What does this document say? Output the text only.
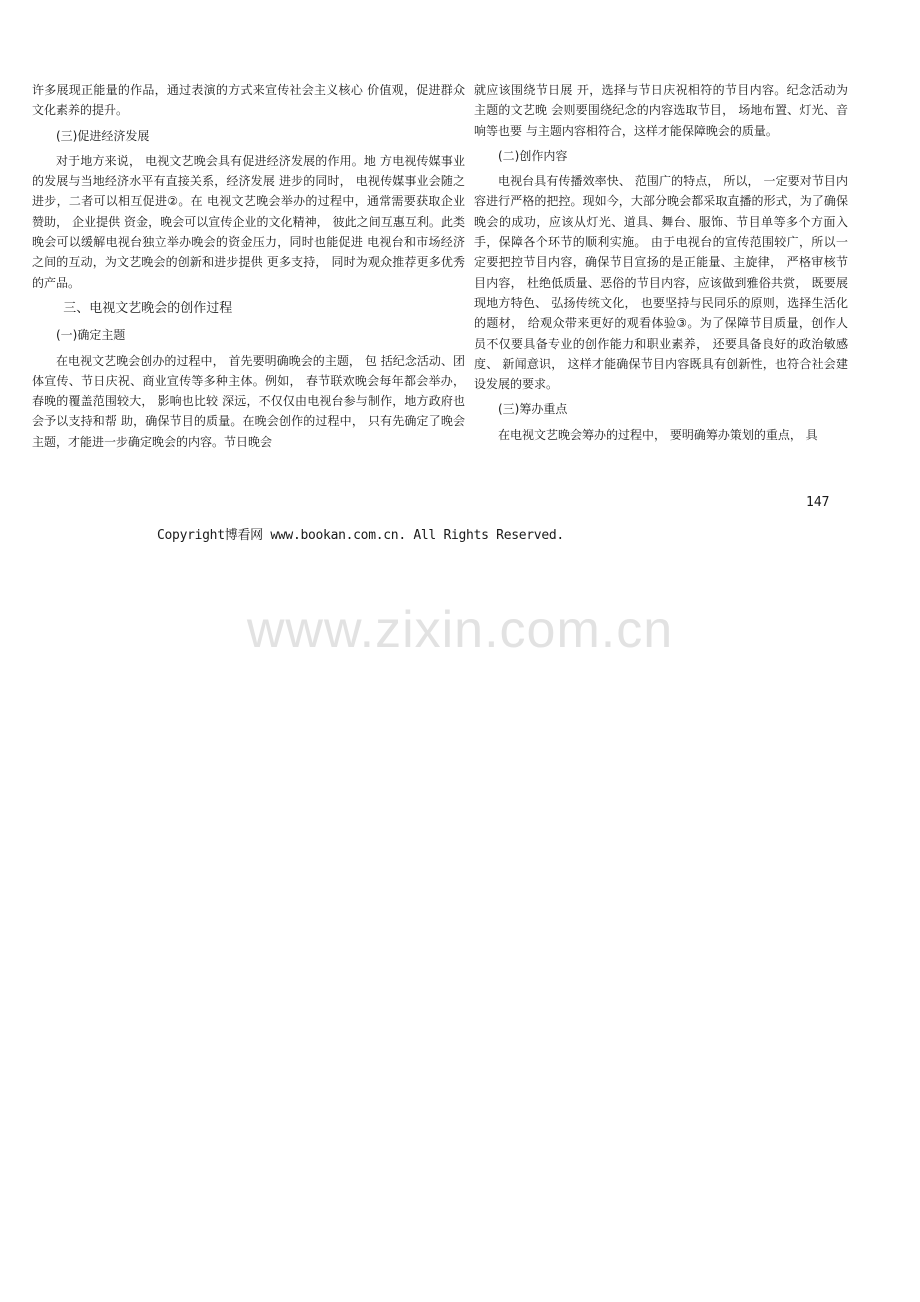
许多展现正能量的作品，通过表演的方式来宣传社会主义核心 价值观，促进群众文化素养的提升。

(三)促进经济发展

对于地方来说， 电视文艺晚会具有促进经济发展的作用。地 方电视传媒事业的发展与当地经济水平有直接关系，经济发展 进步的同时， 电视传媒事业会随之进步，二者可以相互促进②。在 电视文艺晚会举办的过程中，通常需要获取企业赞助， 企业提供 资金，晚会可以宣传企业的文化精神， 彼此之间互惠互利。此类 晚会可以缓解电视台独立举办晚会的资金压力，同时也能促进 电视台和市场经济之间的互动，为文艺晚会的创新和进步提供 更多支持， 同时为观众推荐更多优秀的产品。

三、电视文艺晚会的创作过程

(一)确定主题

在电视文艺晚会创办的过程中， 首先要明确晚会的主题， 包 括纪念活动、团体宣传、节日庆祝、商业宣传等多种主体。例如， 春节联欢晚会每年都会举办，春晚的覆盖范围较大， 影响也比较 深远，不仅仅由电视台参与制作，地方政府也会予以支持和帮 助，确保节目的质量。在晚会创作的过程中， 只有先确定了晚会 主题，才能进一步确定晚会的内容。节日晚会

就应该围绕节日展 开，选择与节日庆祝相符的节目内容。纪念活动为主题的文艺晚 会则要围绕纪念的内容选取节目， 场地布置、灯光、音响等也要 与主题内容相符合，这样才能保障晚会的质量。

(二)创作内容

电视台具有传播效率快、 范围广的特点， 所以， 一定要对节目内容进行严格的把控。现如今，大部分晚会都采取直播的形式，为了确保晚会的成功，应该从灯光、道具、舞台、服饰、节目单等多个方面入手，保障各个环节的顺利实施。 由于电视台的宣传范围较广，所以一定要把控节目内容，确保节目宣扬的是正能量、主旋律， 严格审核节目内容， 杜绝低质量、恶俗的节目内容，应该做到雅俗共赏， 既要展现地方特色、 弘扬传统文化， 也要坚持与民同乐的原则，选择生活化的题材， 给观众带来更好的观看体验③。为了保障节目质量，创作人员不仅要具备专业的创作能力和职业素养， 还要具备良好的政治敏感度、 新闻意识， 这样才能确保节目内容既具有创新性，也符合社会建设发展的要求。

(三)筹办重点

在电视文艺晚会筹办的过程中， 要明确筹办策划的重点， 具

147
Copyright博看网 www.bookan.com.cn. All Rights Reserved.
www.zixin.com.cn
